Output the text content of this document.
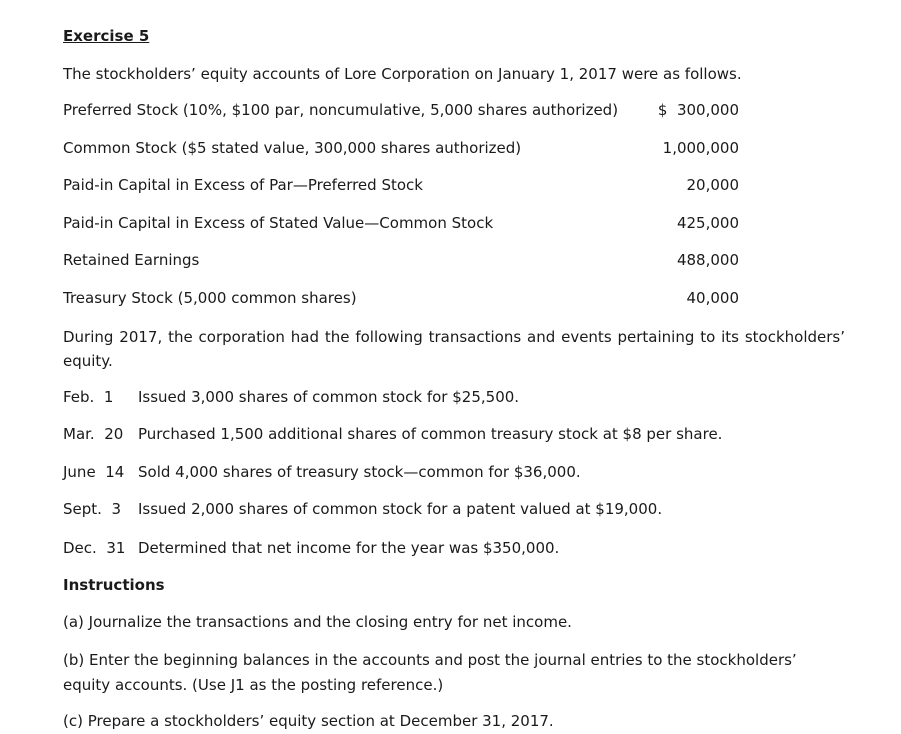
Exercise 5
The stockholders’ equity accounts of Lore Corporation on January 1, 2017 were as follows.
Preferred Stock (10%, $100 par, noncumulative, 5,000 shares authorized)	$  300,000
Common Stock ($5 stated value, 300,000 shares authorized)	1,000,000
Paid-in Capital in Excess of Par—Preferred Stock	20,000
Paid-in Capital in Excess of Stated Value—Common Stock	425,000
Retained Earnings	488,000
Treasury Stock (5,000 common shares)	40,000
During 2017, the corporation had the following transactions and events pertaining to its stockholders’ equity.
Feb.  1	Issued 3,000 shares of common stock for $25,500.
Mar.  20 Purchased 1,500 additional shares of common treasury stock at $8 per share.
June  14 Sold 4,000 shares of treasury stock—common for $36,000.
Sept.  3	Issued 2,000 shares of common stock for a patent valued at $19,000.
Dec.  31 Determined that net income for the year was $350,000.
Instructions
(a) Journalize the transactions and the closing entry for net income.
(b) Enter the beginning balances in the accounts and post the journal entries to the stockholders’ equity accounts. (Use J1 as the posting reference.)
(c) Prepare a stockholders’ equity section at December 31, 2017.
